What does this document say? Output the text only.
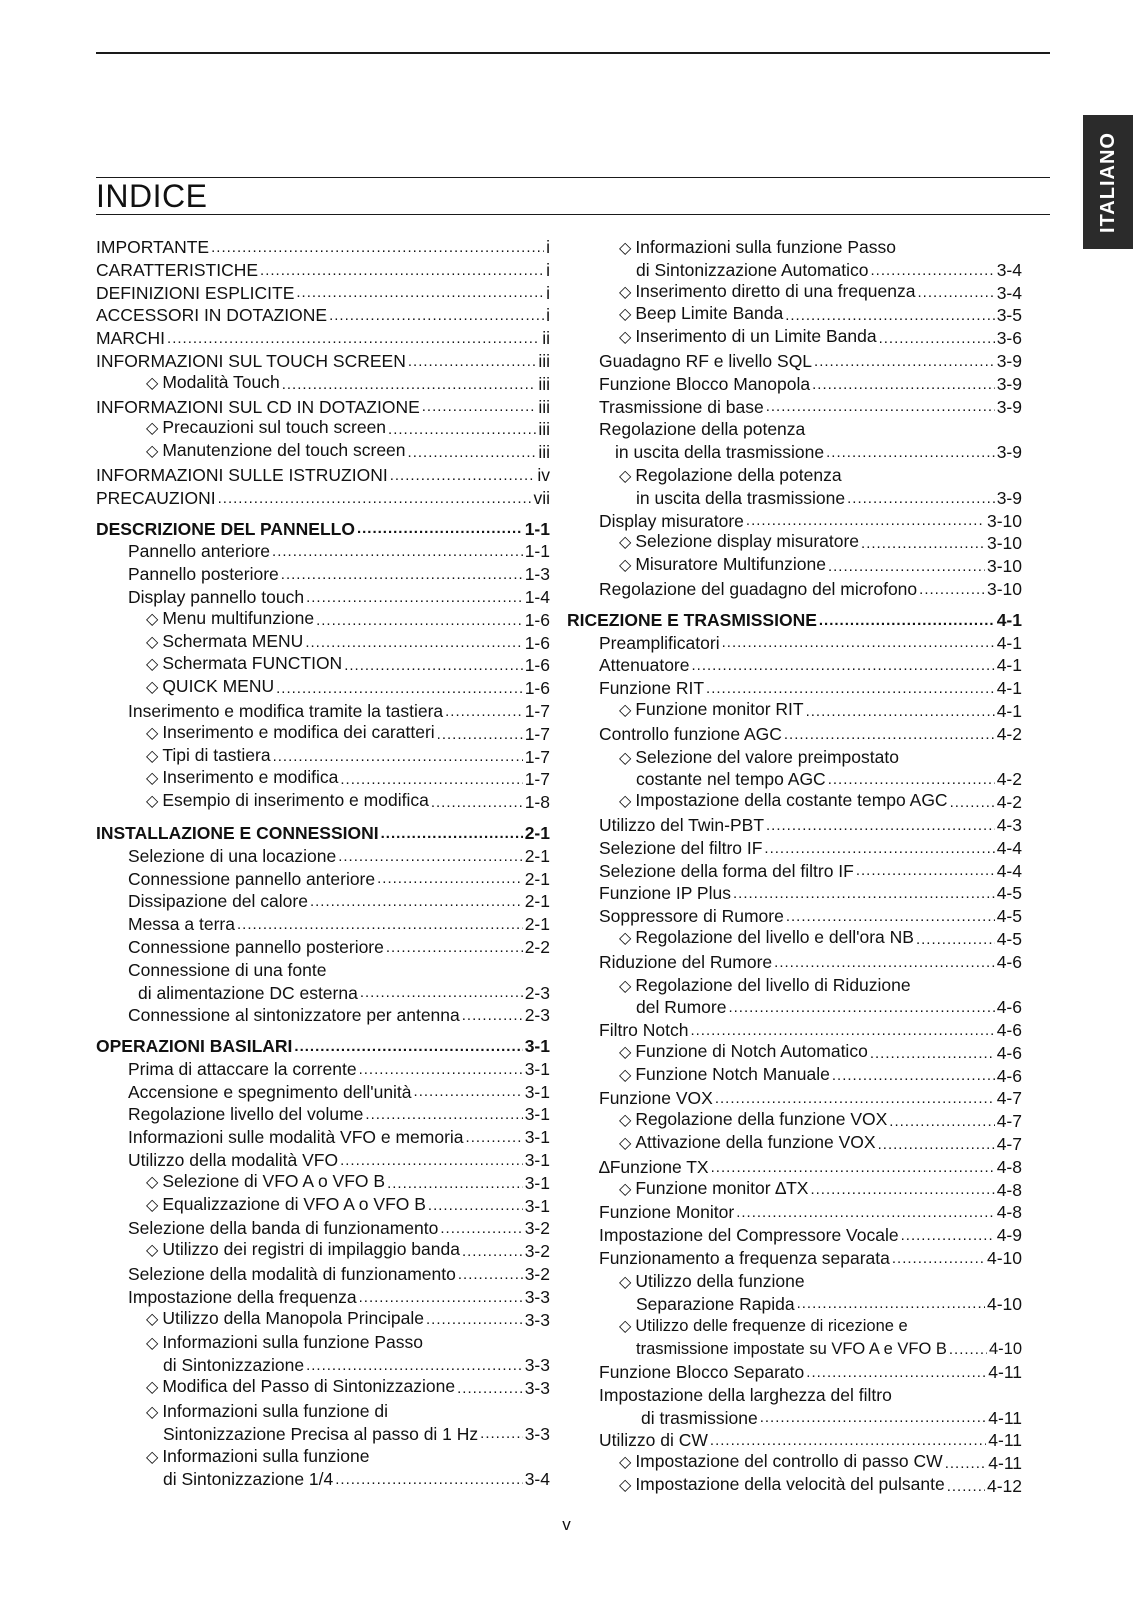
ITALIANO
INDICE
IMPORTANTE .....	i
CARATTERISTICHE .....	i
DEFINIZIONI ESPLICITE .....	i
ACCESSORI IN DOTAZIONE .....	i
MARCHI .....	ii
INFORMAZIONI SUL TOUCH SCREEN .....	iii
◇ Modalità Touch .....	iii
INFORMAZIONI SUL CD IN DOTAZIONE .....	iii
◇ Precauzioni sul touch screen .....	iii
◇ Manutenzione del touch screen .....	iii
INFORMAZIONI SULLE ISTRUZIONI .....	iv
PRECAUZIONI .....	vii
DESCRIZIONE DEL PANNELLO .....	1-1
Pannello anteriore .....	1-1
Pannello posteriore .....	1-3
Display pannello touch .....	1-4
◇ Menu multifunzione .....	1-6
◇ Schermata MENU .....	1-6
◇ Schermata FUNCTION .....	1-6
◇ QUICK MENU .....	1-6
Inserimento e modifica tramite la tastiera .....	1-7
◇ Inserimento e modifica dei caratteri .....	1-7
◇ Tipi di tastiera .....	1-7
◇ Inserimento e modifica .....	1-7
◇ Esempio di inserimento e modifica .....	1-8
INSTALLAZIONE E CONNESSIONI .....	2-1
Selezione di una locazione .....	2-1
Connessione pannello anteriore .....	2-1
Dissipazione del calore .....	2-1
Messa a terra .....	2-1
Connessione pannello posteriore .....	2-2
Connessione di una fonte
di alimentazione DC esterna .....	2-3
Connessione al sintonizzatore per antenna .....	2-3
OPERAZIONI BASILARI .....	3-1
Prima di attaccare la corrente .....	3-1
Accensione e spegnimento dell'unità .....	3-1
Regolazione livello del volume .....	3-1
Informazioni sulle modalità VFO e memoria .....	3-1
Utilizzo della modalità VFO .....	3-1
◇ Selezione di VFO A o VFO B .....	3-1
◇ Equalizzazione di VFO A o VFO B .....	3-1
Selezione della banda di funzionamento .....	3-2
◇ Utilizzo dei registri di impilaggio banda .....	3-2
Selezione della modalità di funzionamento .....	3-2
Impostazione della frequenza .....	3-3
◇ Utilizzo della Manopola Principale .....	3-3
◇ Informazioni sulla funzione Passo
di Sintonizzazione .....	3-3
◇ Modifica del Passo di Sintonizzazione .....	3-3
◇ Informazioni sulla funzione di
Sintonizzazione Precisa al passo di 1 Hz .....	3-3
◇ Informazioni sulla funzione
di Sintonizzazione 1/4 .....	3-4
◇ Informazioni sulla funzione Passo
di Sintonizzazione Automatico .....	3-4
◇ Inserimento diretto di una frequenza .....	3-4
◇ Beep Limite Banda .....	3-5
◇ Inserimento di un Limite Banda .....	3-6
Guadagno RF e livello SQL .....	3-9
Funzione Blocco Manopola .....	3-9
Trasmissione di base .....	3-9
Regolazione della potenza
in uscita della trasmissione .....	3-9
◇ Regolazione della potenza
in uscita della trasmissione .....	3-9
Display misuratore .....	3-10
◇ Selezione display misuratore .....	3-10
◇ Misuratore Multifunzione .....	3-10
Regolazione del guadagno del microfono .....	3-10
RICEZIONE E TRASMISSIONE .....	4-1
Preamplificatori .....	4-1
Attenuatore .....	4-1
Funzione RIT .....	4-1
◇ Funzione monitor RIT .....	4-1
Controllo funzione AGC .....	4-2
◇ Selezione del valore preimpostato
costante nel tempo AGC .....	4-2
◇ Impostazione della costante tempo AGC .....	4-2
Utilizzo del Twin-PBT .....	4-3
Selezione del filtro IF .....	4-4
Selezione della forma del filtro IF .....	4-4
Funzione IP Plus .....	4-5
Soppressore di Rumore .....	4-5
◇ Regolazione del livello e dell'ora NB .....	4-5
Riduzione del Rumore .....	4-6
◇ Regolazione del livello di Riduzione
del Rumore .....	4-6
Filtro Notch .....	4-6
◇ Funzione di Notch Automatico .....	4-6
◇ Funzione Notch Manuale .....	4-6
Funzione VOX .....	4-7
◇ Regolazione della funzione VOX .....	4-7
◇ Attivazione della funzione VOX .....	4-7
∆Funzione TX .....	4-8
◇ Funzione monitor ∆TX .....	4-8
Funzione Monitor .....	4-8
Impostazione del Compressore Vocale .....	4-9
Funzionamento a frequenza separata .....	4-10
◇ Utilizzo della funzione
Separazione Rapida .....	4-10
◇ Utilizzo delle frequenze di ricezione e
trasmissione impostate su VFO A e VFO B .....	4-10
Funzione Blocco Separato .....	4-11
Impostazione della larghezza del filtro
di trasmissione .....	4-11
Utilizzo di CW .....	4-11
◇ Impostazione del controllo di passo CW .....	4-11
◇ Impostazione della velocità del pulsante ..... 4-12
v
